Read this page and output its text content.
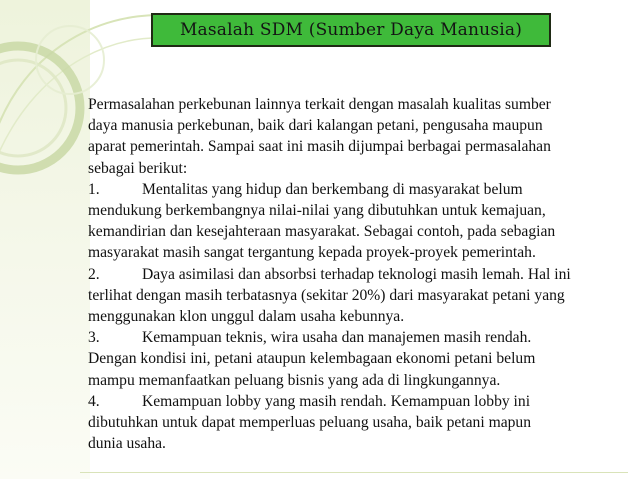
Masalah SDM (Sumber Daya Manusia)

Permasalahan perkebunan lainnya terkait dengan masalah kualitas sumber
daya manusia perkebunan, baik dari kalangan petani, pengusaha maupun
aparat pemerintah. Sampai saat ini masih dijumpai berbagai permasalahan
sebagai berikut:

1.	Mentalitas yang hidup dan berkembang di masyarakat belum
mendukung berkembangnya nilai-nilai yang dibutuhkan untuk kemajuan,
kemandirian dan kesejahteraan masyarakat. Sebagai contoh, pada sebagian
masyarakat masih sangat tergantung kepada proyek-proyek pemerintah.

2.	Daya asimilasi dan absorbsi terhadap teknologi masih lemah. Hal ini
terlihat dengan masih terbatasnya (sekitar 20%) dari masyarakat petani yang
menggunakan klon unggul dalam usaha kebunnya.

3.	Kemampuan teknis, wira usaha dan manajemen masih rendah.
Dengan kondisi ini, petani ataupun kelembagaan ekonomi petani belum
mampu memanfaatkan peluang bisnis yang ada di lingkungannya.

4.	Kemampuan lobby yang masih rendah. Kemampuan lobby ini
dibutuhkan untuk dapat memperluas peluang usaha, baik petani mapun
dunia usaha.
